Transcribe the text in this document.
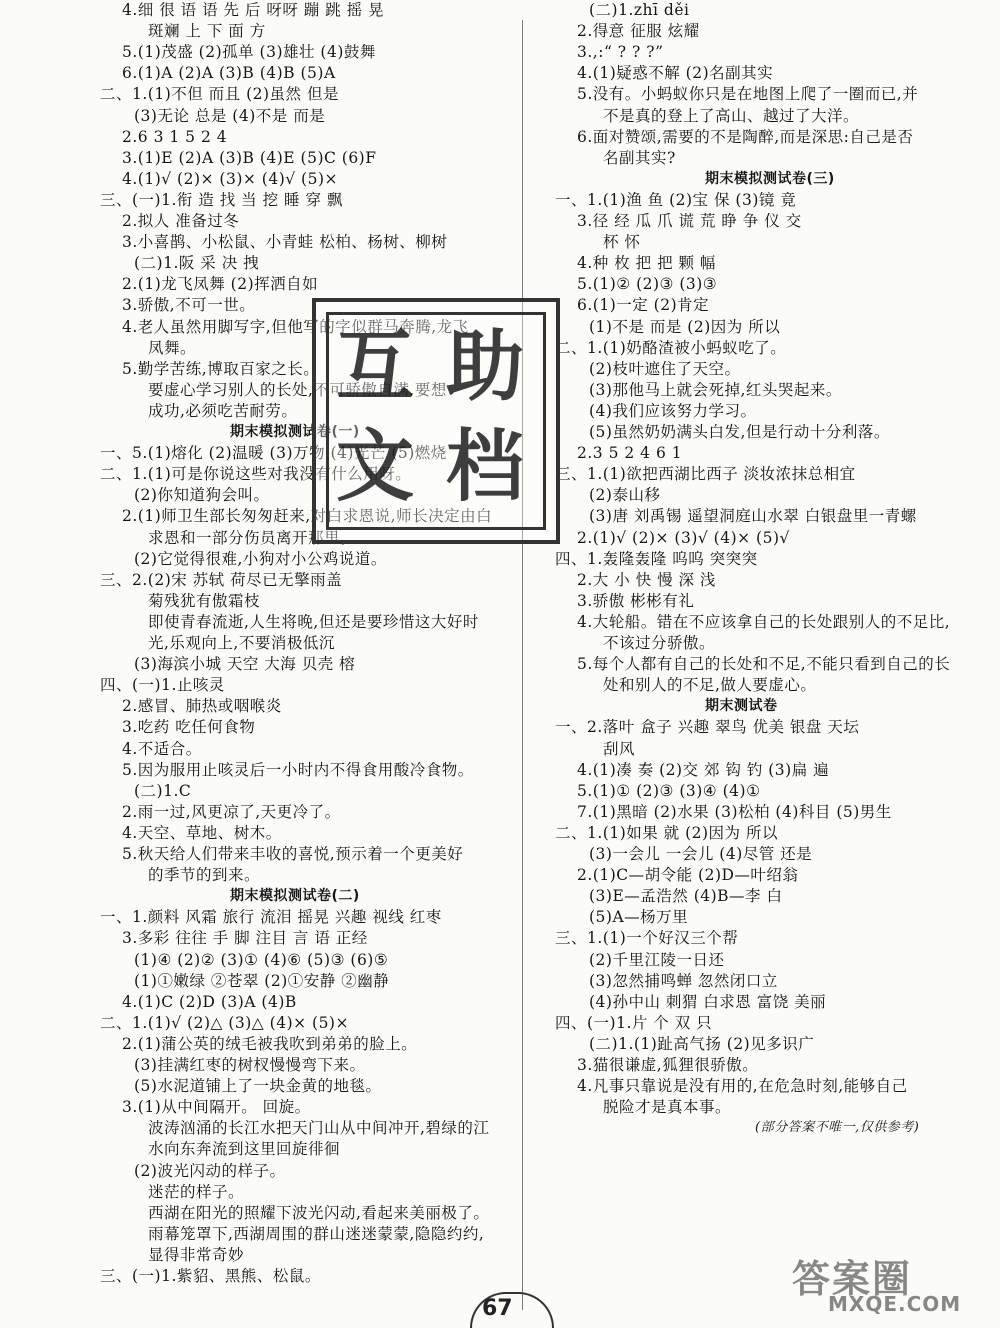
4.细 很 语 语 先 后 呀呀 蹦 跳 摇 晃
斑斓 上 下 面 方
5.(1)茂盛 (2)孤单 (3)雄壮 (4)鼓舞
6.(1)A (2)A (3)B (4)B (5)A
二、1.(1)不但 而且 (2)虽然 但是
(3)无论 总是 (4)不是 而是
2.6 3 1 5 2 4
3.(1)E (2)A (3)B (4)E (5)C (6)F
4.(1)√ (2)× (3)× (4)√ (5)×
三、(一)1.衔 造 找 当 挖 睡 穿 飘
2.拟人 准备过冬
3.小喜鹊、小松鼠、小青蛙 松柏、杨树、柳树
(二)1.阪 采 决 拽
2.(1)龙飞凤舞 (2)挥洒自如
3.骄傲,不可一世。
4.老人虽然用脚写字,但他写的字似群马奔腾,龙飞
凤舞。
5.勤学苦练,博取百家之长。
要虚心学习别人的长处,不可骄傲自满,要想
成功,必须吃苦耐劳。
期末模拟测试卷(一)
一、5.(1)熔化 (2)温暖 (3)万物 (4)光芒 (5)燃烧
二、1.(1)可是你说这些对我没有什么用呀。
(2)你知道狗会叫。
2.(1)师卫生部长匆匆赶来,对白求恩说,师长决定由白
求恩和一部分伤员离开那里。
(2)它觉得很难,小狗对小公鸡说道。
三、2.(2)宋 苏轼 荷尽已无擎雨盖
菊残犹有傲霜枝
即使青春流逝,人生将晚,但还是要珍惜这大好时
光,乐观向上,不要消极低沉
(3)海滨小城 天空 大海 贝壳 榕
四、(一)1.止咳灵
2.感冒、肺热或咽喉炎
3.吃药 吃任何食物
4.不适合。
5.因为服用止咳灵后一小时内不得食用酸冷食物。
(二)1.C
2.雨一过,风更凉了,天更冷了。
4.天空、草地、树木。
5.秋天给人们带来丰收的喜悦,预示着一个更美好
的季节的到来。
期末模拟测试卷(二)
一、1.颜料 风霜 旅行 流泪 摇晃 兴趣 视线 红枣
3.多彩 往往 手 脚 注目 言 语 正经
(1)④ (2)② (3)① (4)⑥ (5)③ (6)⑤
(1)①嫩绿 ②苍翠 (2)①安静 ②幽静
4.(1)C (2)D (3)A (4)B
二、1.(1)√ (2)△ (3)△ (4)× (5)×
2.(1)蒲公英的绒毛被我吹到弟弟的脸上。
(3)挂满红枣的树杈慢慢弯下来。
(5)水泥道铺上了一块金黄的地毯。
3.(1)从中间隔开。 回旋。
波涛汹涌的长江水把天门山从中间冲开,碧绿的江
水向东奔流到这里回旋徘徊
(2)波光闪动的样子。
迷茫的样子。
西湖在阳光的照耀下波光闪动,看起来美丽极了。
雨幕笼罩下,西湖周围的群山迷迷蒙蒙,隐隐约约,
显得非常奇妙
三、(一)1.紫貂、黑熊、松鼠。
(二)1.zhī děi
2.得意 征服 炫耀
3.,:“ ? ? ?”
4.(1)疑惑不解 (2)名副其实
5.没有。小蚂蚁你只是在地图上爬了一圈而已,并
不是真的登上了高山、越过了大洋。
6.面对赞颂,需要的不是陶醉,而是深思:自己是否
名副其实?
期末模拟测试卷(三)
一、1.(1)渔 鱼 (2)宝 保 (3)镜 竟
3.径 经 瓜 爪 谎 荒 睁 争 仪 交
杯 怀
4.种 枚 把 把 颗 幅
5.(1)② (2)③ (3)③
6.(1)一定 (2)肯定
(1)不是 而是 (2)因为 所以
二、1.(1)奶酪渣被小蚂蚁吃了。
(2)枝叶遮住了天空。
(3)那他马上就会死掉,红头哭起来。
(4)我们应该努力学习。
(5)虽然奶奶满头白发,但是行动十分利落。
2.3 5 2 4 6 1
三、1.(1)欲把西湖比西子 淡妆浓抹总相宜
(2)泰山移
(3)唐 刘禹锡 遥望洞庭山水翠 白银盘里一青螺
2.(1)√ (2)× (3)√ (4)× (5)√
四、1.轰隆轰隆 呜呜 突突突
2.大 小 快 慢 深 浅
3.骄傲 彬彬有礼
4.大轮船。错在不应该拿自己的长处跟别人的不足比,
不该过分骄傲。
5.每个人都有自己的长处和不足,不能只看到自己的长
处和别人的不足,做人要虚心。
期末测试卷
一、2.落叶 盒子 兴趣 翠鸟 优美 银盘 天坛
刮风
4.(1)凑 奏 (2)交 郊 钩 钓 (3)扁 遍
5.(1)① (2)③ (3)④ (4)①
7.(1)黑暗 (2)水果 (3)松柏 (4)科目 (5)男生
二、1.(1)如果 就 (2)因为 所以
(3)一会儿 一会儿 (4)尽管 还是
2.(1)C—胡令能 (2)D—叶绍翁
(3)E—孟浩然 (4)B—李 白
(5)A—杨万里
三、1.(1)一个好汉三个帮
(2)千里江陵一日还
(3)忽然捕鸣蝉 忽然闭口立
(4)孙中山 刺猬 白求恩 富饶 美丽
四、(一)1.片 个 双 只
(二)1.(1)趾高气扬 (2)见多识广
3.猫很谦虚,狐狸很骄傲。
4.凡事只靠说是没有用的,在危急时刻,能够自己
脱险才是真本事。
(部分答案不唯一,仅供参考)
互 助
文 档
67
答案圈
MXQE.COM
